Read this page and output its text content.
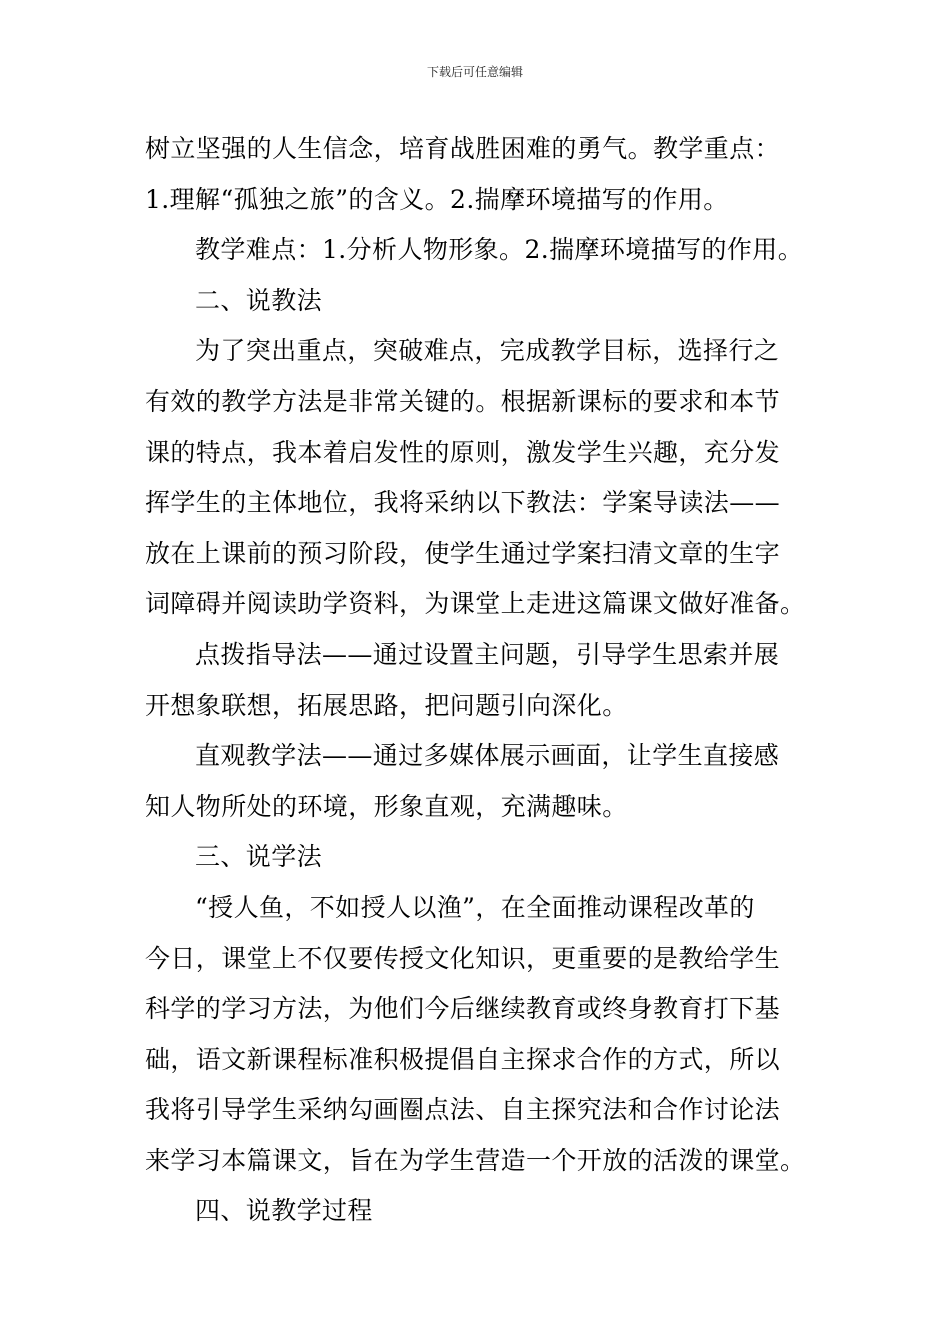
下载后可任意编辑
树立坚强的人生信念，培育战胜困难的勇气。教学重点：
1.理解“孤独之旅”的含义。2.揣摩环境描写的作用。
教学难点：1.分析人物形象。2.揣摩环境描写的作用。
二、说教法
为了突出重点，突破难点，完成教学目标，选择行之
有效的教学方法是非常关键的。根据新课标的要求和本节
课的特点，我本着启发性的原则，激发学生兴趣，充分发
挥学生的主体地位，我将采纳以下教法：学案导读法——
放在上课前的预习阶段，使学生通过学案扫清文章的生字
词障碍并阅读助学资料，为课堂上走进这篇课文做好准备。
点拨指导法——通过设置主问题，引导学生思索并展
开想象联想，拓展思路，把问题引向深化。
直观教学法——通过多媒体展示画面，让学生直接感
知人物所处的环境，形象直观，充满趣味。
三、说学法
“授人鱼，不如授人以渔”，在全面推动课程改革的
今日，课堂上不仅要传授文化知识，更重要的是教给学生
科学的学习方法，为他们今后继续教育或终身教育打下基
础，语文新课程标准积极提倡自主探求合作的方式，所以
我将引导学生采纳勾画圈点法、自主探究法和合作讨论法
来学习本篇课文，旨在为学生营造一个开放的活泼的课堂。
四、说教学过程
